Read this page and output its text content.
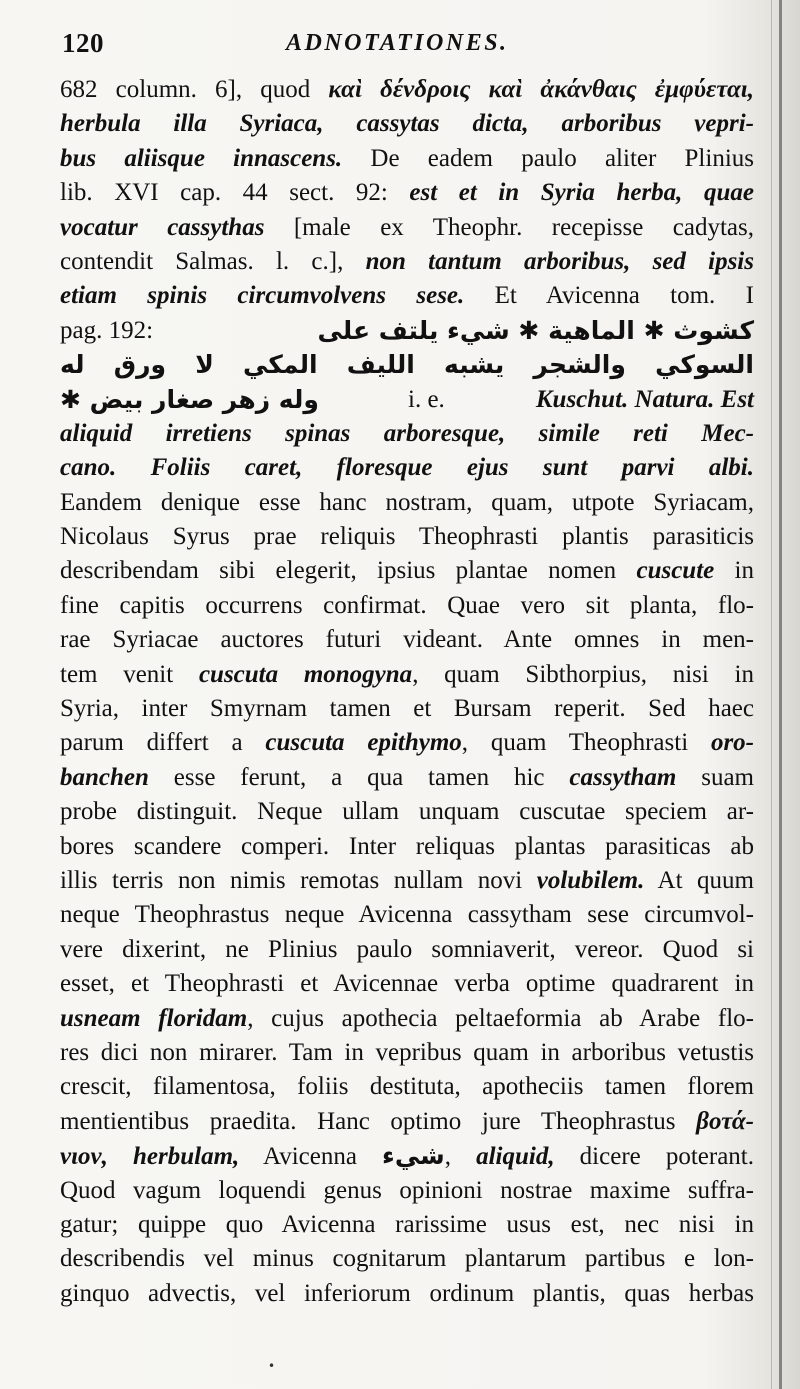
120	ADNOTATIONES.
682 column. 6], quod καὶ δένδροις καὶ ἀκάνθαις ἐμφύεται,
herbula illa Syriaca, cassytas dicta, arboribus vepri-
bus aliisque innascens. De eadem paulo aliter Plinius
lib. XVI cap. 44 sect. 92: est et in Syria herba, quae
vocatur cassythas [male ex Theophr. recepisse cadytas,
contendit Salmas. l. c.], non tantum arboribus, sed ipsis
etiam spinis circumvolvens sese. Et Avicenna tom. I
pag. 192:	كشوث ✱ الماهية ✱ شيء يلتف على
السوكي والشجر يشبه الليف المكي لا ورق له
وله زهر صغار بيض ✱	i. e.	Kuschut. Natura. Est
aliquid irretiens spinas arboresque, simile reti Mec-
cano. Foliis caret, floresque ejus sunt parvi albi.
Eandem denique esse hanc nostram, quam, utpote Syriacam,
Nicolaus Syrus prae reliquis Theophrasti plantis parasiticis
describendam sibi elegerit, ipsius plantae nomen cuscute in
fine capitis occurrens confirmat. Quae vero sit planta, flo-
rae Syriacae auctores futuri videant. Ante omnes in men-
tem venit cuscuta monogyna, quam Sibthorpius, nisi in
Syria, inter Smyrnam tamen et Bursam reperit. Sed haec
parum differt a cuscuta epithymo, quam Theophrasti oro-
banchen esse ferunt, a qua tamen hic cassytham suam
probe distinguit. Neque ullam unquam cuscutae speciem ar-
bores scandere comperi. Inter reliquas plantas parasiticas ab
illis terris non nimis remotas nullam novi volubilem. At quum
neque Theophrastus neque Avicenna cassytham sese circumvol-
vere dixerint, ne Plinius paulo somniaverit, vereor. Quod si
esset, et Theophrasti et Avicennae verba optime quadrarent in
usneam floridam, cujus apothecia peltaeformia ab Arabe flo-
res dici non mirarer. Tam in vepribus quam in arboribus vetustis
crescit, filamentosa, foliis destituta, apotheciis tamen florem
mentientibus praedita. Hanc optimo jure Theophrastus βοτά-
νιον, herbulam, Avicenna شيء, aliquid, dicere poterant.
Quod vagum loquendi genus opinioni nostrae maxime suffra-
gatur; quippe quo Avicenna rarissime usus est, nec nisi in
describendis vel minus cognitarum plantarum partibus e lon-
ginquo advectis, vel inferiorum ordinum plantis, quas herbas
•
